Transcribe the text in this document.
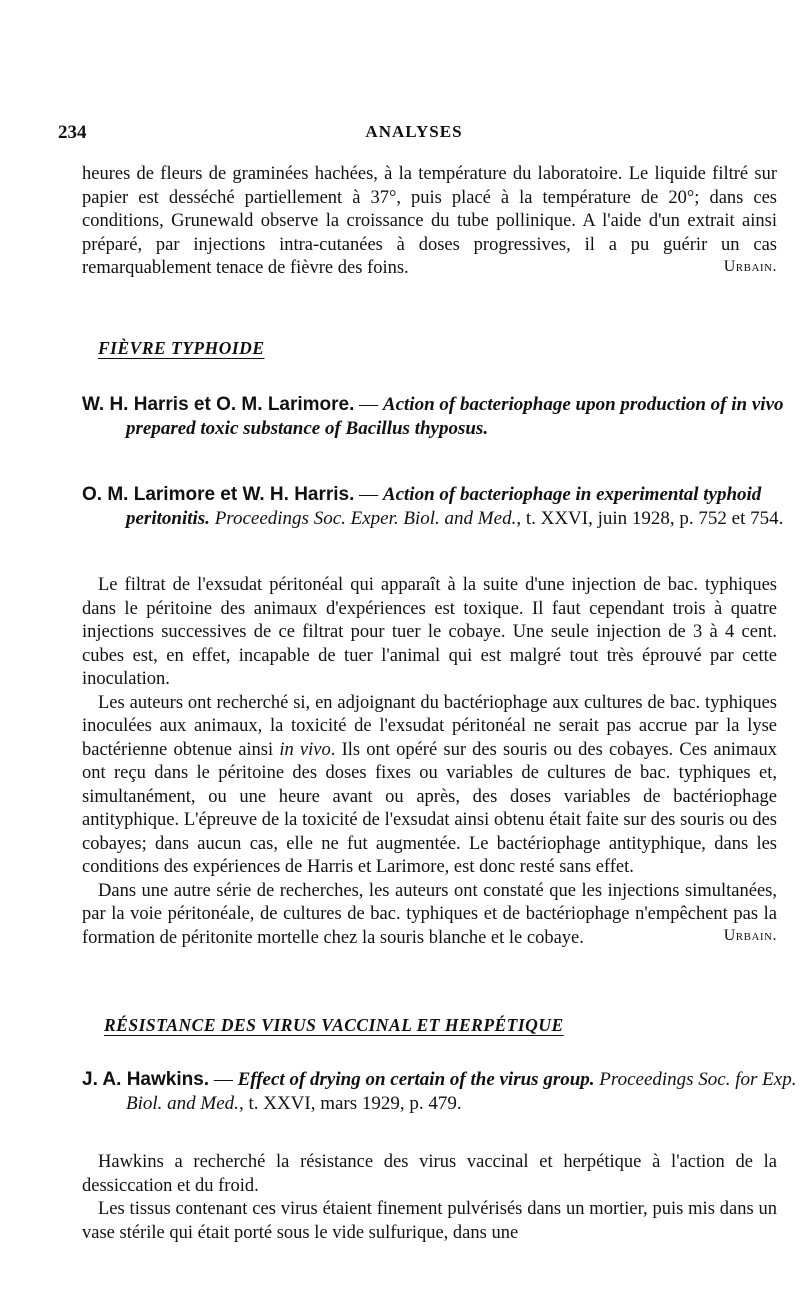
234	ANALYSES

heures de fleurs de graminées hachées, à la température du laboratoire. Le liquide filtré sur papier est desséché partiellement à 37°, puis placé à la température de 20°; dans ces conditions, Grunewald observe la croissance du tube pollinique. A l'aide d'un extrait ainsi préparé, par injections intra-cutanées à doses progressives, il a pu guérir un cas remarquablement tenace de fièvre des foins.	Urbain.
FIÈVRE TYPHOIDE
W. H. Harris et O. M. Larimore. — Action of bacteriophage upon production of in vivo prepared toxic substance of Bacillus thyposus.
O. M. Larimore et W. H. Harris. — Action of bacteriophage in experimental typhoid peritonitis. Proceedings Soc. Exper. Biol. and Med., t. XXVI, juin 1928, p. 752 et 754.

Le filtrat de l'exsudat péritonéal qui apparaît à la suite d'une injection de bac. typhiques dans le péritoine des animaux d'expériences est toxique. Il faut cependant trois à quatre injections successives de ce filtrat pour tuer le cobaye. Une seule injection de 3 à 4 cent. cubes est, en effet, incapable de tuer l'animal qui est malgré tout très éprouvé par cette inoculation.

Les auteurs ont recherché si, en adjoignant du bactériophage aux cultures de bac. typhiques inoculées aux animaux, la toxicité de l'exsudat péritonéal ne serait pas accrue par la lyse bactérienne obtenue ainsi in vivo. Ils ont opéré sur des souris ou des cobayes. Ces animaux ont reçu dans le péritoine des doses fixes ou variables de cultures de bac. typhiques et, simultanément, ou une heure avant ou après, des doses variables de bactériophage antityphique. L'épreuve de la toxicité de l'exsudat ainsi obtenu était faite sur des souris ou des cobayes; dans aucun cas, elle ne fut augmentée. Le bactériophage antityphique, dans les conditions des expériences de Harris et Larimore, est donc resté sans effet.

Dans une autre série de recherches, les auteurs ont constaté que les injections simultanées, par la voie péritonéale, de cultures de bac. typhiques et de bactériophage n'empêchent pas la formation de péritonite mortelle chez la souris blanche et le cobaye.	Urbain.
RÉSISTANCE DES VIRUS VACCINAL ET HERPÉTIQUE
J. A. Hawkins. — Effect of drying on certain of the virus group. Proceedings Soc. for Exp. Biol. and Med., t. XXVI, mars 1929, p. 479.

Hawkins a recherché la résistance des virus vaccinal et herpétique à l'action de la dessiccation et du froid.

Les tissus contenant ces virus étaient finement pulvérisés dans un mortier, puis mis dans un vase stérile qui était porté sous le vide sulfurique, dans une
